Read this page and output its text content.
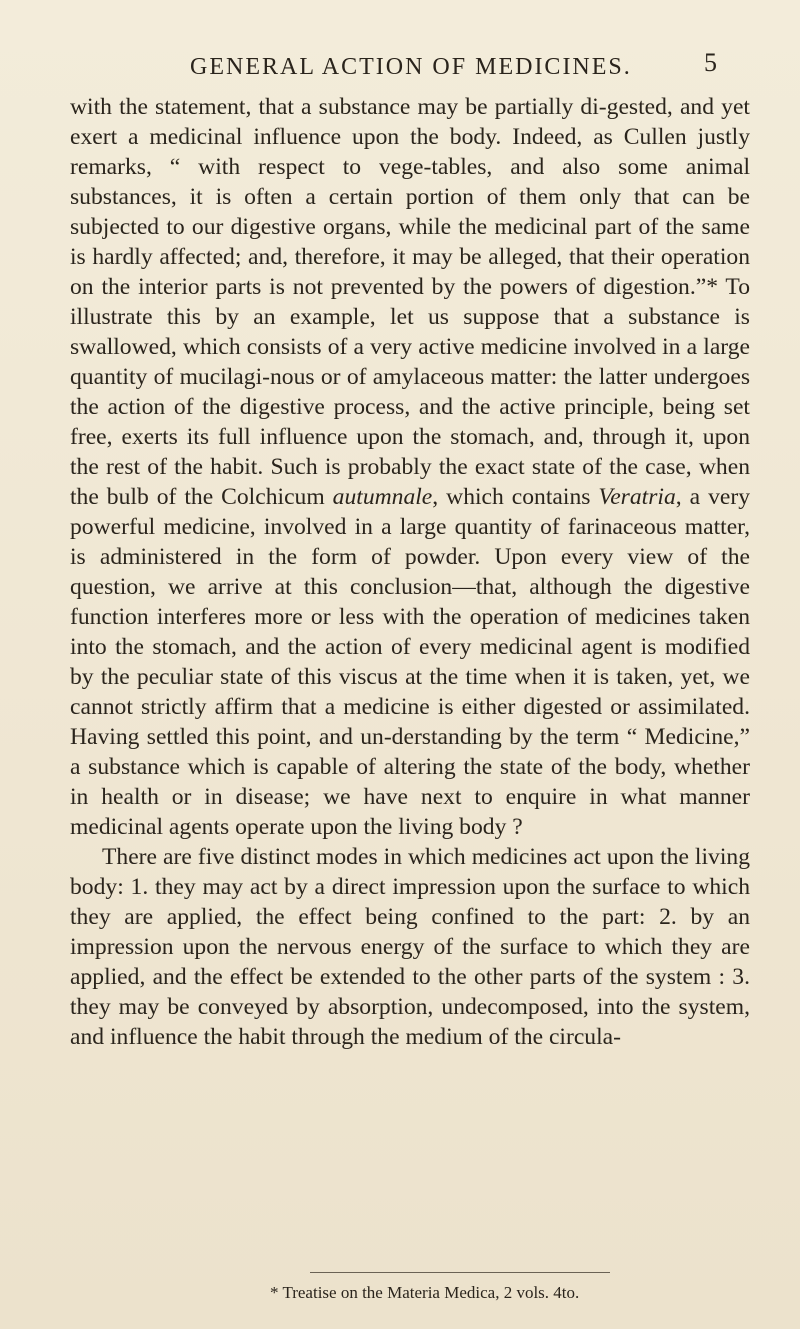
GENERAL ACTION OF MEDICINES.	5

with the statement, that a substance may be partially di-gested, and yet exert a medicinal influence upon the body. Indeed, as Cullen justly remarks, “ with respect to vege-tables, and also some animal substances, it is often a certain portion of them only that can be subjected to our digestive organs, while the medicinal part of the same is hardly affected; and, therefore, it may be alleged, that their operation on the interior parts is not prevented by the powers of digestion.”* To illustrate this by an example, let us suppose that a substance is swallowed, which consists of a very active medicine involved in a large quantity of mucilagi-nous or of amylaceous matter: the latter undergoes the action of the digestive process, and the active principle, being set free, exerts its full influence upon the stomach, and, through it, upon the rest of the habit. Such is probably the exact state of the case, when the bulb of the Colchicum autumnale, which contains Veratria, a very powerful medicine, involved in a large quantity of farinaceous matter, is administered in the form of powder. Upon every view of the question, we arrive at this conclusion—that, although the digestive function interferes more or less with the operation of medicines taken into the stomach, and the action of every medicinal agent is modified by the peculiar state of this viscus at the time when it is taken, yet, we cannot strictly affirm that a medicine is either digested or assimilated. Having settled this point, and un-derstanding by the term “ Medicine,” a substance which is capable of altering the state of the body, whether in health or in disease; we have next to enquire in what manner medicinal agents operate upon the living body ?

There are five distinct modes in which medicines act upon the living body: 1. they may act by a direct impression upon the surface to which they are applied, the effect being confined to the part: 2. by an impression upon the nervous energy of the surface to which they are applied, and the effect be extended to the other parts of the system : 3. they may be conveyed by absorption, undecomposed, into the system, and influence the habit through the medium of the circula-

* Treatise on the Materia Medica, 2 vols. 4to.
